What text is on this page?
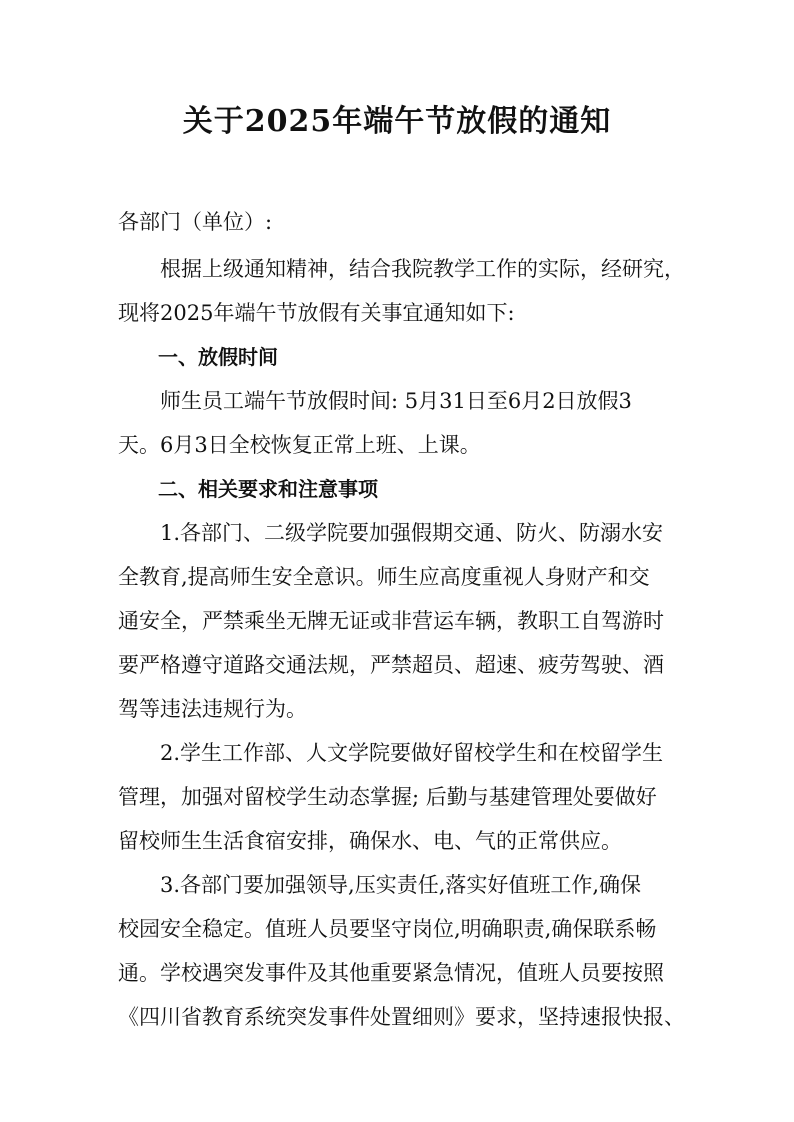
关于2025年端午节放假的通知

各部门（单位）:

　　根据上级通知精神，结合我院教学工作的实际，经研究，

现将2025年端午节放假有关事宜通知如下:

　　一、放假时间

　　师生员工端午节放假时间: 5月31日至6月2日放假3

天。6月3日全校恢复正常上班、上课。

　　二、相关要求和注意事项

　　1.各部门、二级学院要加强假期交通、防火、防溺水安

全教育,提高师生安全意识。师生应高度重视人身财产和交

通安全，严禁乘坐无牌无证或非营运车辆，教职工自驾游时

要严格遵守道路交通法规，严禁超员、超速、疲劳驾驶、酒

驾等违法违规行为。

　　2.学生工作部、人文学院要做好留校学生和在校留学生

管理，加强对留校学生动态掌握; 后勤与基建管理处要做好

留校师生生活食宿安排，确保水、电、气的正常供应。

　　3.各部门要加强领导,压实责任,落实好值班工作,确保

校园安全稳定。值班人员要坚守岗位,明确职责,确保联系畅

通。学校遇突发事件及其他重要紧急情况，值班人员要按照

《四川省教育系统突发事件处置细则》要求，坚持速报快报、
